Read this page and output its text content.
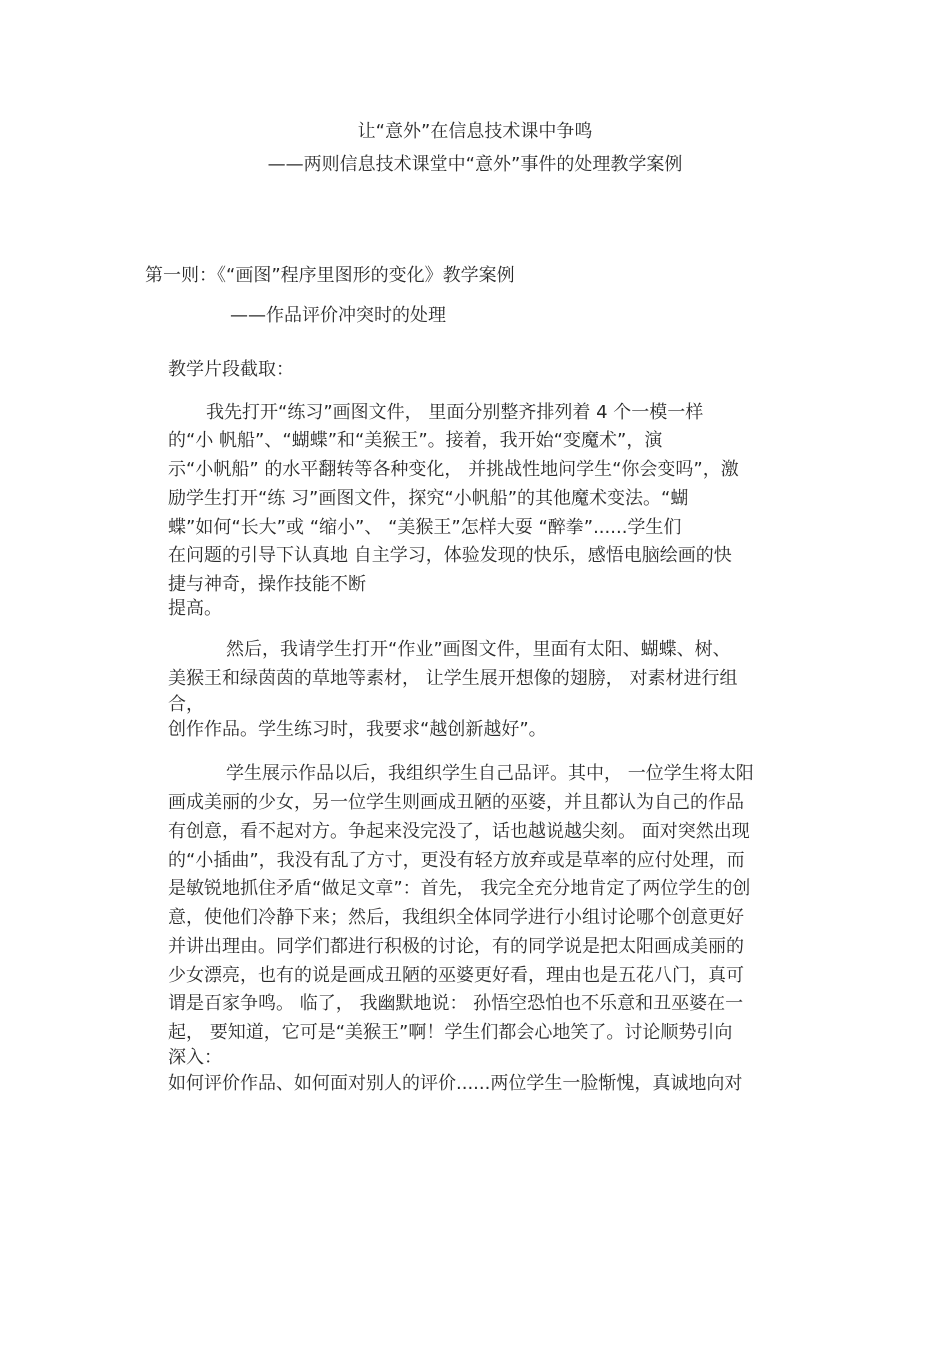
让“意外”在信息技术课中争鸣
——两则信息技术课堂中“意外”事件的处理教学案例
第一则：《“画图”程序里图形的变化》教学案例
——作品评价冲突时的处理
教学片段截取：
我先打开“练习”画图文件， 里面分别整齐排列着 4 个一模一样
的“小 帆船”、“蝴蝶”和“美猴王”。接着，我开始“变魔术”，演
示“小帆船” 的水平翻转等各种变化， 并挑战性地问学生“你会变吗”，激
励学生打开“练 习”画图文件，探究“小帆船”的其他魔术变法。“蝴
蝶”如何“长大”或 “缩小”、 “美猴王”怎样大耍 “醉拳”......学生们
在问题的引导下认真地 自主学习，体验发现的快乐，感悟电脑绘画的快
捷与神奇，操作技能不断
提高。
然后，我请学生打开“作业”画图文件，里面有太阳、蝴蝶、树、
美猴王和绿茵茵的草地等素材， 让学生展开想像的翅膀， 对素材进行组
合，
创作作品。学生练习时，我要求“越创新越好”。
学生展示作品以后，我组织学生自己品评。其中， 一位学生将太阳
画成美丽的少女，另一位学生则画成丑陋的巫婆，并且都认为自己的作品
有创意，看不起对方。争起来没完没了，话也越说越尖刻。 面对突然出现
的“小插曲”，我没有乱了方寸，更没有轻方放弃或是草率的应付处理，而
是敏锐地抓住矛盾“做足文章”：首先， 我完全充分地肯定了两位学生的创
意，使他们冷静下来；然后，我组织全体同学进行小组讨论哪个创意更好
并讲出理由。同学们都进行积极的讨论，有的同学说是把太阳画成美丽的
少女漂亮，也有的说是画成丑陋的巫婆更好看，理由也是五花八门，真可
谓是百家争鸣。 临了， 我幽默地说： 孙悟空恐怕也不乐意和丑巫婆在一
起， 要知道，它可是“美猴王”啊！学生们都会心地笑了。讨论顺势引向
深入：
如何评价作品、如何面对别人的评价......两位学生一脸惭愧，真诚地向对
